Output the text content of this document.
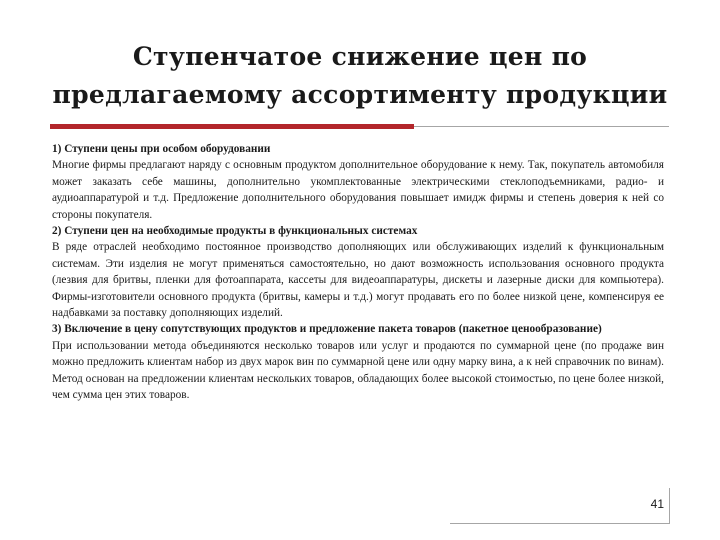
Ступенчатое снижение цен по
предлагаемому ассортименту продукции

1) Ступени цены при особом оборудовании

Многие фирмы предлагают наряду с основным продуктом дополнительное оборудование к нему. Так, покупатель автомобиля может заказать себе машины, дополнительно укомплектованные электрическими стеклоподъемниками, радио- и аудиоаппаратурой и т.д. Предложение дополнительного оборудования повышает имидж фирмы и степень доверия к ней со стороны покупателя.

2) Ступени цен на необходимые продукты в функциональных системах

В ряде отраслей необходимо постоянное производство дополняющих или обслуживающих изделий к функциональным системам. Эти изделия не могут применяться самостоятельно, но дают возможность использования основного продукта (лезвия для бритвы, пленки для фотоаппарата, кассеты для видеоаппаратуры, дискеты и лазерные диски для компьютера). Фирмы-изготовители основного продукта (бритвы, камеры и т.д.) могут продавать его по более низкой цене, компенсируя ее надбавками за поставку дополняющих изделий.

3) Включение в цену сопутствующих продуктов и предложение пакета товаров (пакетное ценообразование)

При использовании метода объединяются несколько товаров или услуг и продаются по суммарной цене (по продаже вин можно предложить клиентам набор из двух марок вин по суммарной цене или одну марку вина, а к ней справочник по винам). Метод основан на предложении клиентам нескольких товаров, обладающих более высокой стоимостью, по цене более низкой, чем сумма цен этих товаров.

41
